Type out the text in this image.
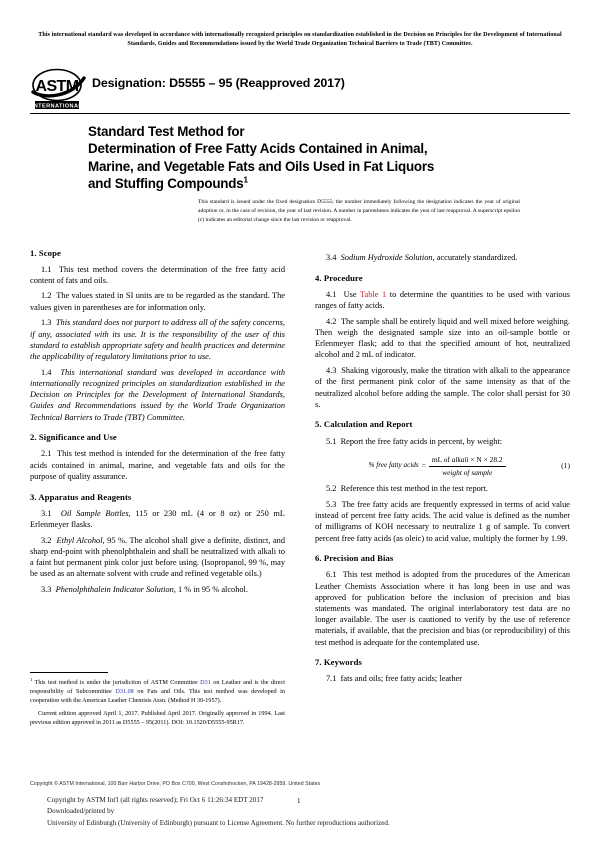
This international standard was developed in accordance with internationally recognized principles on standardization established in the Decision on Principles for the Development of International Standards, Guides and Recommendations issued by the World Trade Organization Technical Barriers to Trade (TBT) Committee.
ASTM
INTERNATIONAL
Designation: D5555 – 95 (Reapproved 2017)
Standard Test Method for
Determination of Free Fatty Acids Contained in Animal,
Marine, and Vegetable Fats and Oils Used in Fat Liquors
and Stuffing Compounds$^1$
This standard is issued under the fixed designation D5555; the number immediately following the designation indicates the year of original adoption or, in the case of revision, the year of last revision. A number in parentheses indicates the year of last reapproval. A superscript epsilon (ε) indicates an editorial change since the last revision or reapproval.
1. Scope

1.1 This test method covers the determination of the free fatty acid content of fats and oils.

1.2 The values stated in SI units are to be regarded as the standard. The values given in parentheses are for information only.

1.3 This standard does not purport to address all of the safety concerns, if any, associated with its use. It is the responsibility of the user of this standard to establish appropriate safety and health practices and determine the applicability of regulatory limitations prior to use.

1.4 This international standard was developed in accordance with internationally recognized principles on standardization established in the Decision on Principles for the Development of International Standards, Guides and Recommendations issued by the World Trade Organization Technical Barriers to Trade (TBT) Committee.

2. Significance and Use

2.1 This test method is intended for the determination of the free fatty acids contained in animal, marine, and vegetable fats and oils for the purpose of quality assurance.

3. Apparatus and Reagents

3.1 Oil Sample Bottles, 115 or 230 mL (4 or 8 oz) or 250 mL Erlenmeyer flasks.

3.2 Ethyl Alcohol, 95 %. The alcohol shall give a definite, distinct, and sharp end-point with phenolphthalein and shall be neutralized with alkali to a faint but permanent pink color just before using. (Isopropanol, 99 %, may be used as an alternate solvent with crude and refined vegetable oils.)

3.3 Phenolphthalein Indicator Solution, 1 % in 95 % alcohol.

3.4 Sodium Hydroxide Solution, accurately standardized.

4. Procedure

4.1 Use Table 1 to determine the quantities to be used with various ranges of fatty acids.

4.2 The sample shall be entirely liquid and well mixed before weighing. Then weigh the designated sample size into an oil-sample bottle or Erlenmeyer flask; add to that the specified amount of hot, neutralized alcohol and 2 mL of indicator.

4.3 Shaking vigorously, make the titration with alkali to the appearance of the first permanent pink color of the same intensity as that of the neutralized alcohol before adding the sample. The color shall persist for 30 s.

5. Calculation and Report

5.1 Report the free fatty acids in percent, by weight:

% free fatty acids = $\frac{\text{mL of alkali × N × 28.2}}{\text{weight of sample}}$	(1)

5.2 Reference this test method in the test report.

5.3 The free fatty acids are frequently expressed in terms of acid value instead of percent free fatty acids. The acid value is defined as the number of milligrams of KOH necessary to neutralize 1 g of sample. To convert percent free fatty acids (as oleic) to acid value, multiply the former by 1.99.

6. Precision and Bias

6.1 This test method is adopted from the procedures of the American Leather Chemists Association where it has long been in use and was approved for publication before the inclusion of precision and bias statements was mandated. The original interlaboratory test data are no longer available. The user is cautioned to verify by the use of reference materials, if available, that the precision and bias (or reproducibility) of this test method is adequate for the contemplated use.

7. Keywords

7.1 fats and oils; free fatty acids; leather

$^1$ This test method is under the jurisdiction of ASTM Committee D31 on Leather and is the direct responsibility of Subcommittee D31.08 on Fats and Oils. This test method was developed in cooperation with the American Leather Chemists Assn. (Method H 30-1957).

Current edition approved April 1, 2017. Published April 2017. Originally approved in 1994. Last previous edition approved in 2011 as D5555 – 95(2011). DOI: 10.1520/D5555-95R17.

Copyright © ASTM International, 100 Barr Harbor Drive, PO Box C700, West Conshohocken, PA 19428-2959. United States
Copyright by ASTM Int'l (all rights reserved); Fri Oct 6 11:26:34 EDT 2017
Downloaded/printed by
University of Edinburgh (University of Edinburgh) pursuant to License Agreement. No further reproductions authorized.
1
